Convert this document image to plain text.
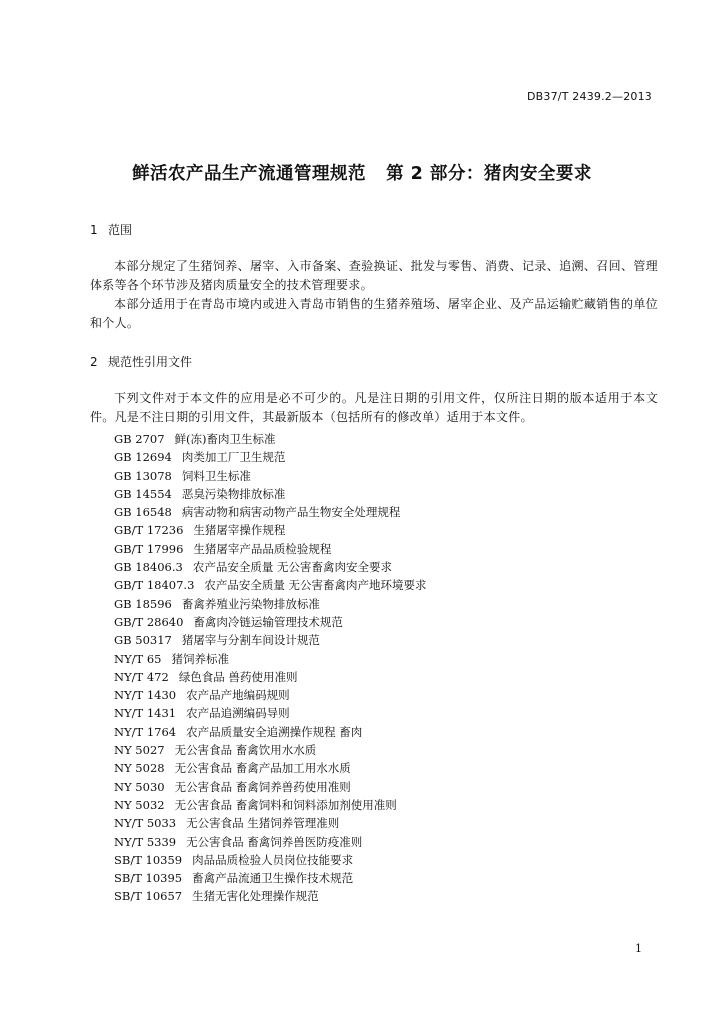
DB37/T 2439.2—2013
鲜活农产品生产流通管理规范 第 2 部分：猪肉安全要求
1 范围
本部分规定了生猪饲养、屠宰、入市备案、查验换证、批发与零售、消费、记录、追溯、召回、管理体系等各个环节涉及猪肉质量安全的技术管理要求。
本部分适用于在青岛市境内或进入青岛市销售的生猪养殖场、屠宰企业、及产品运输贮藏销售的单位和个人。
2 规范性引用文件
下列文件对于本文件的应用是必不可少的。凡是注日期的引用文件，仅所注日期的版本适用于本文件。凡是不注日期的引用文件，其最新版本（包括所有的修改单）适用于本文件。
GB 2707 鲜(冻)畜肉卫生标准
GB 12694 肉类加工厂卫生规范
GB 13078 饲料卫生标准
GB 14554 恶臭污染物排放标准
GB 16548 病害动物和病害动物产品生物安全处理规程
GB/T 17236 生猪屠宰操作规程
GB/T 17996 生猪屠宰产品品质检验规程
GB 18406.3 农产品安全质量 无公害畜禽肉安全要求
GB/T 18407.3 农产品安全质量 无公害畜禽肉产地环境要求
GB 18596 畜禽养殖业污染物排放标准
GB/T 28640 畜禽肉冷链运输管理技术规范
GB 50317 猪屠宰与分割车间设计规范
NY/T 65 猪饲养标准
NY/T 472 绿色食品 兽药使用准则
NY/T 1430 农产品产地编码规则
NY/T 1431 农产品追溯编码导则
NY/T 1764 农产品质量安全追溯操作规程 畜肉
NY 5027 无公害食品 畜禽饮用水水质
NY 5028 无公害食品 畜禽产品加工用水水质
NY 5030 无公害食品 畜禽饲养兽药使用准则
NY 5032 无公害食品 畜禽饲料和饲料添加剂使用准则
NY/T 5033 无公害食品 生猪饲养管理准则
NY/T 5339 无公害食品 畜禽饲养兽医防疫准则
SB/T 10359 肉品品质检验人员岗位技能要求
SB/T 10395 畜禽产品流通卫生操作技术规范
SB/T 10657 生猪无害化处理操作规范
1
